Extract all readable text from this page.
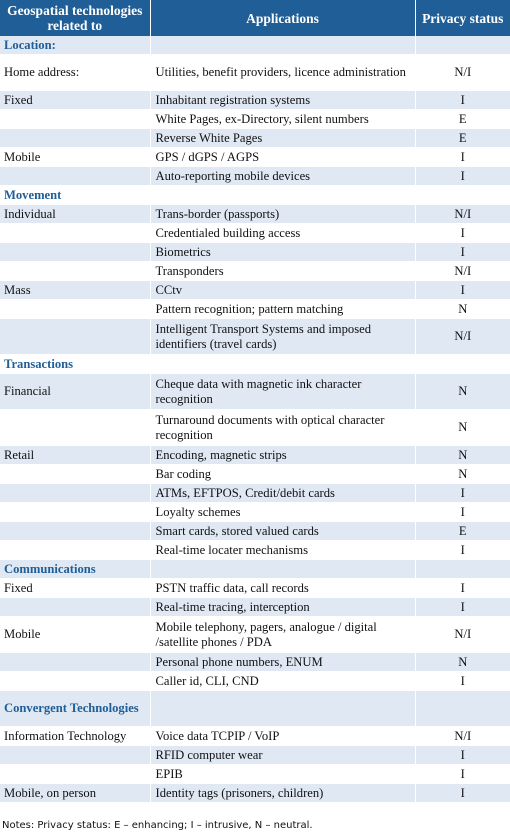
Geospatial technologies related to	Applications	Privacy status
Location:		
Home address:	Utilities, benefit providers, licence administration	N/I
Fixed	Inhabitant registration systems	I
	White Pages, ex-Directory, silent numbers	E
	Reverse White Pages	E
Mobile	GPS / dGPS / AGPS	I
	Auto-reporting mobile devices	I
Movement		
Individual	Trans-border (passports)	N/I
	Credentialed building access	I
	Biometrics	I
	Transponders	N/I
Mass	CCtv	I
	Pattern recognition; pattern matching	N
	Intelligent Transport Systems and imposed identifiers (travel cards)	N/I
Transactions		
Financial	Cheque data with magnetic ink character recognition	N
	Turnaround documents with optical character recognition	N
Retail	Encoding, magnetic strips	N
	Bar coding	N
	ATMs, EFTPOS, Credit/debit cards	I
	Loyalty schemes	I
	Smart cards, stored valued cards	E
	Real-time locater mechanisms	I
Communications		
Fixed	PSTN traffic data, call records	I
	Real-time tracing, interception	I
Mobile	Mobile telephony, pagers, analogue / digital /satellite phones / PDA	N/I
	Personal phone numbers, ENUM	N
	Caller id, CLI, CND	I
Convergent Technologies		
Information Technology	Voice data TCPIP / VoIP	N/I
	RFID computer wear	I
	EPIB	I
Mobile, on person	Identity tags (prisoners, children)	I
Notes: Privacy status: E – enhancing; I – intrusive, N – neutral.
